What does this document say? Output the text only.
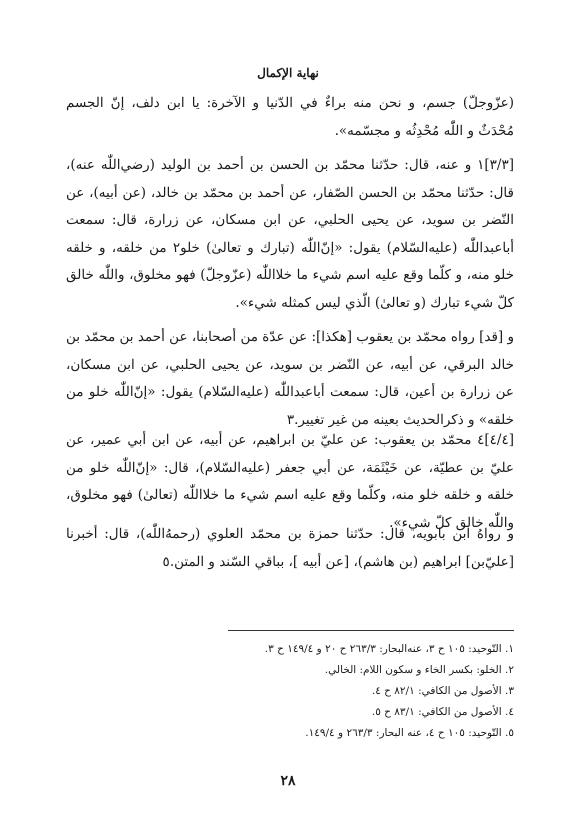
نهاية الإكمال
(عزّوجلّ) جسم، و نحن منه براءٌ في الدّنيا و الآخرة: يا ابن دلف، إنّ الجسم مُحْدَثٌ و اللّٰه مُحْدِثُه و مجسّمه».
[٣/٣]١ و عنه، قال: حدّثنا محمّد بن الحسن بن أحمد بن الوليد (رضي‌اللّٰه عنه)، قال: حدّثنا محمّد بن الحسن الصّفار، عن أحمد بن محمّد بن خالد، (عن أبيه)، عن النّضر بن سويد، عن يحيى الحلبي، عن ابن مسكان، عن زرارة، قال: سمعت أباعبداللّٰه (عليه‌السّلام) يقول: «إنّ‌اللّٰه (تبارك و تعالىٰ) خلو٢ من خلقه، و خلقه خلو منه، و كلّما وقع عليه اسم شيء ما خلااللّٰه (عزّوجلّ) فهو مخلوق، واللّٰه خالق كلّ شيء تبارك (و تعالىٰ) الّذي ليس كمثله شيء».
و [قد] رواه محمّد بن يعقوب [هكذا]: عن عدّة من أصحابنا، عن أحمد بن محمّد بن خالد البرقي، عن أبيه، عن النّضر بن سويد، عن يحيى الحلبي، عن ابن مسكان، عن زرارة بن أعين، قال: سمعت أباعبداللّٰه (عليه‌السّلام) يقول: «إنّ‌اللّٰه خلو من خلقه» و ذكرالحديث بعينه من غير تغيير.٣
[٤/٤]٤ محمّد بن يعقوب: عن عليّ بن ابراهيم، عن أبيه، عن ابن أبي عمير، عن عليّ بن عطيّة، عن خَيْثَمَة، عن أبي جعفر (عليه‌السّلام)، قال: «إنّ‌اللّٰه خلو من خلقه و خلقه خلو منه، وكلّما وقع عليه اسم شيء ما خلااللّٰه (تعالىٰ) فهو مخلوق، واللّٰه خالق كلّ شيء».
و رواهُ ابن بابويه، قال: حدّثنا حمزة بن محمّد العلوي (رحمهُ‌اللّٰه)، قال: أخبرنا [عليّ‌بن] ابراهيم (بن هاشم)، [عن أبيه ]، بباقي السّند و المتن.٥
١. التّوحيد: ١٠٥ ح ٣، عنه‌البحار: ٢٦٣/٣ ح ٢٠ و ١٤٩/٤ ح ٣.
٢. الخلو: بكسر الخاء و سكون اللام: الخالي.
٣. الأصول من الكافي: ٨٢/١ ح ٤.
٤. الأصول من الكافي: ٨٣/١ ح ٥.
٥. التّوحيد: ١٠٥ ح ٤، عنه البحار: ٢٦٣/٣ و ١٤٩/٤.
٢٨
